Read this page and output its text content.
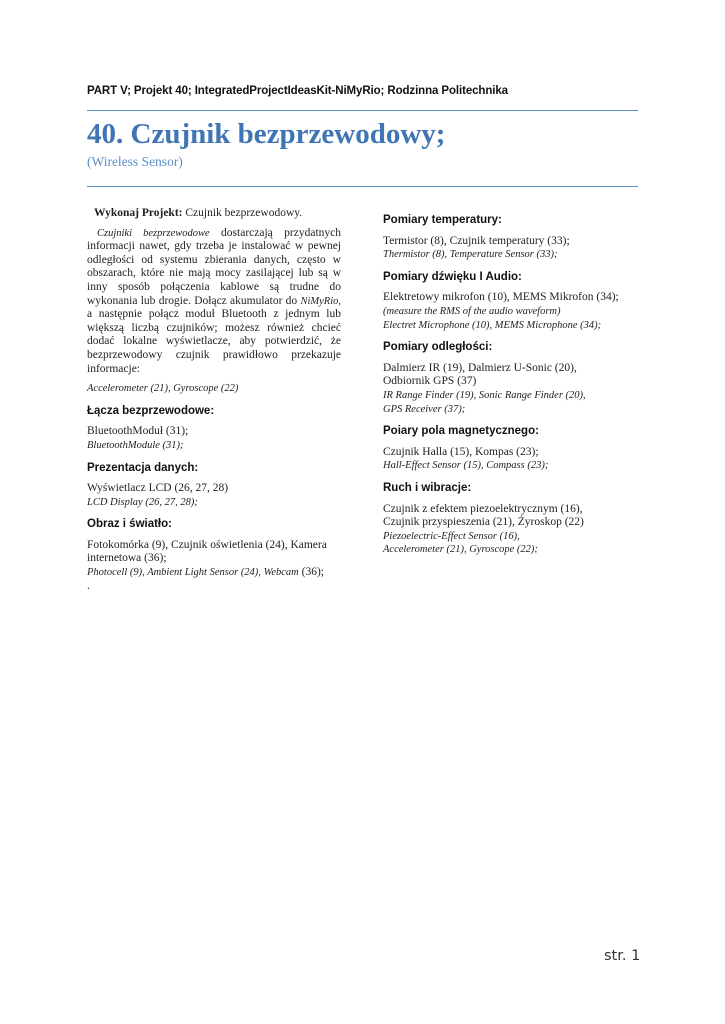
PART V; Projekt 40; IntegratedProjectIdeasKit-NiMyRio; Rodzinna Politechnika
40. Czujnik bezprzewodowy;
(Wireless Sensor)

Wykonaj Projekt: Czujnik bezprzewodowy.

Czujniki bezprzewodowe dostarczają przydatnych informacji nawet, gdy trzeba je instalować w pewnej odległości od systemu zbierania danych, często w obszarach, które nie mają mocy zasilającej lub są w inny sposób połączenia kablowe są trudne do wykonania lub drogie. Dołącz akumulator do NiMyRio, a następnie połącz moduł Bluetooth z jednym lub większą liczbą czujników; możesz również chcieć dodać lokalne wyświetlacze, aby potwierdzić, że bezprzewodowy czujnik prawidłowo przekazuje informacje:

Accelerometer (21), Gyroscope (22)

Łącza bezprzewodowe:

BluetoothModuł (31);

BluetoothModule (31);

Prezentacja danych:

Wyświetlacz LCD (26, 27, 28)

LCD Display (26, 27, 28);

Obraz i światło:

Fotokomórka (9), Czujnik oświetlenia (24), Kamera internetowa (36);

Photocell (9), Ambient Light Sensor (24), Webcam (36);

.

Pomiary temperatury:

Termistor (8), Czujnik temperatury (33);

Thermistor (8), Temperature Sensor (33);

Pomiary dźwięku I Audio:

Elektretowy mikrofon (10), MEMS Mikrofon (34);

(measure the RMS of the audio waveform)

Electret Microphone (10), MEMS Microphone (34);

Pomiary odległości:

Dalmierz IR (19), Dalmierz U-Sonic (20),

Odbiornik GPS (37)

IR Range Finder (19), Sonic Range Finder (20),

GPS Receiver (37);

Poiary pola magnetycznego:

Czujnik Halla (15), Kompas (23);

Hall-Effect Sensor (15), Compass (23);

Ruch i wibracje:

Czujnik z efektem piezoelektrycznym (16),

Czujnik przyspieszenia (21), Żyroskop (22)

Piezoelectric-Effect Sensor (16),

Accelerometer (21), Gyroscope (22);

str. 1
